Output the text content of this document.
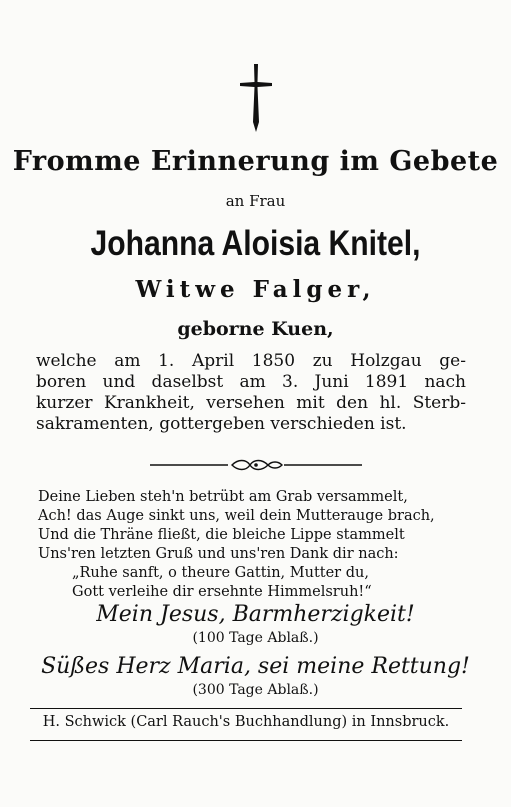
Fromme Erinnerung im Gebete
an Frau
Johanna Aloisia Knitel,
Witwe Falger,
geborne Kuen,
welche am 1. April 1850 zu Holzgau ge-
boren und daselbst am 3. Juni 1891 nach
kurzer Krankheit, versehen mit den hl. Sterb-
sakramenten, gottergeben verschieden ist.
Deine Lieben steh'n betrübt am Grab versammelt,
Ach! das Auge sinkt uns, weil dein Mutterauge brach,
Und die Thräne fließt, die bleiche Lippe stammelt
Uns'ren letzten Gruß und uns'ren Dank dir nach:
„Ruhe sanft, o theure Gattin, Mutter du,
Gott verleihe dir ersehnte Himmelsruh!“
Mein Jesus, Barmherzigkeit!
(100 Tage Ablaß.)
Süßes Herz Maria, sei meine Rettung!
(300 Tage Ablaß.)
H. Schwick (Carl Rauch's Buchhandlung) in Innsbruck.
